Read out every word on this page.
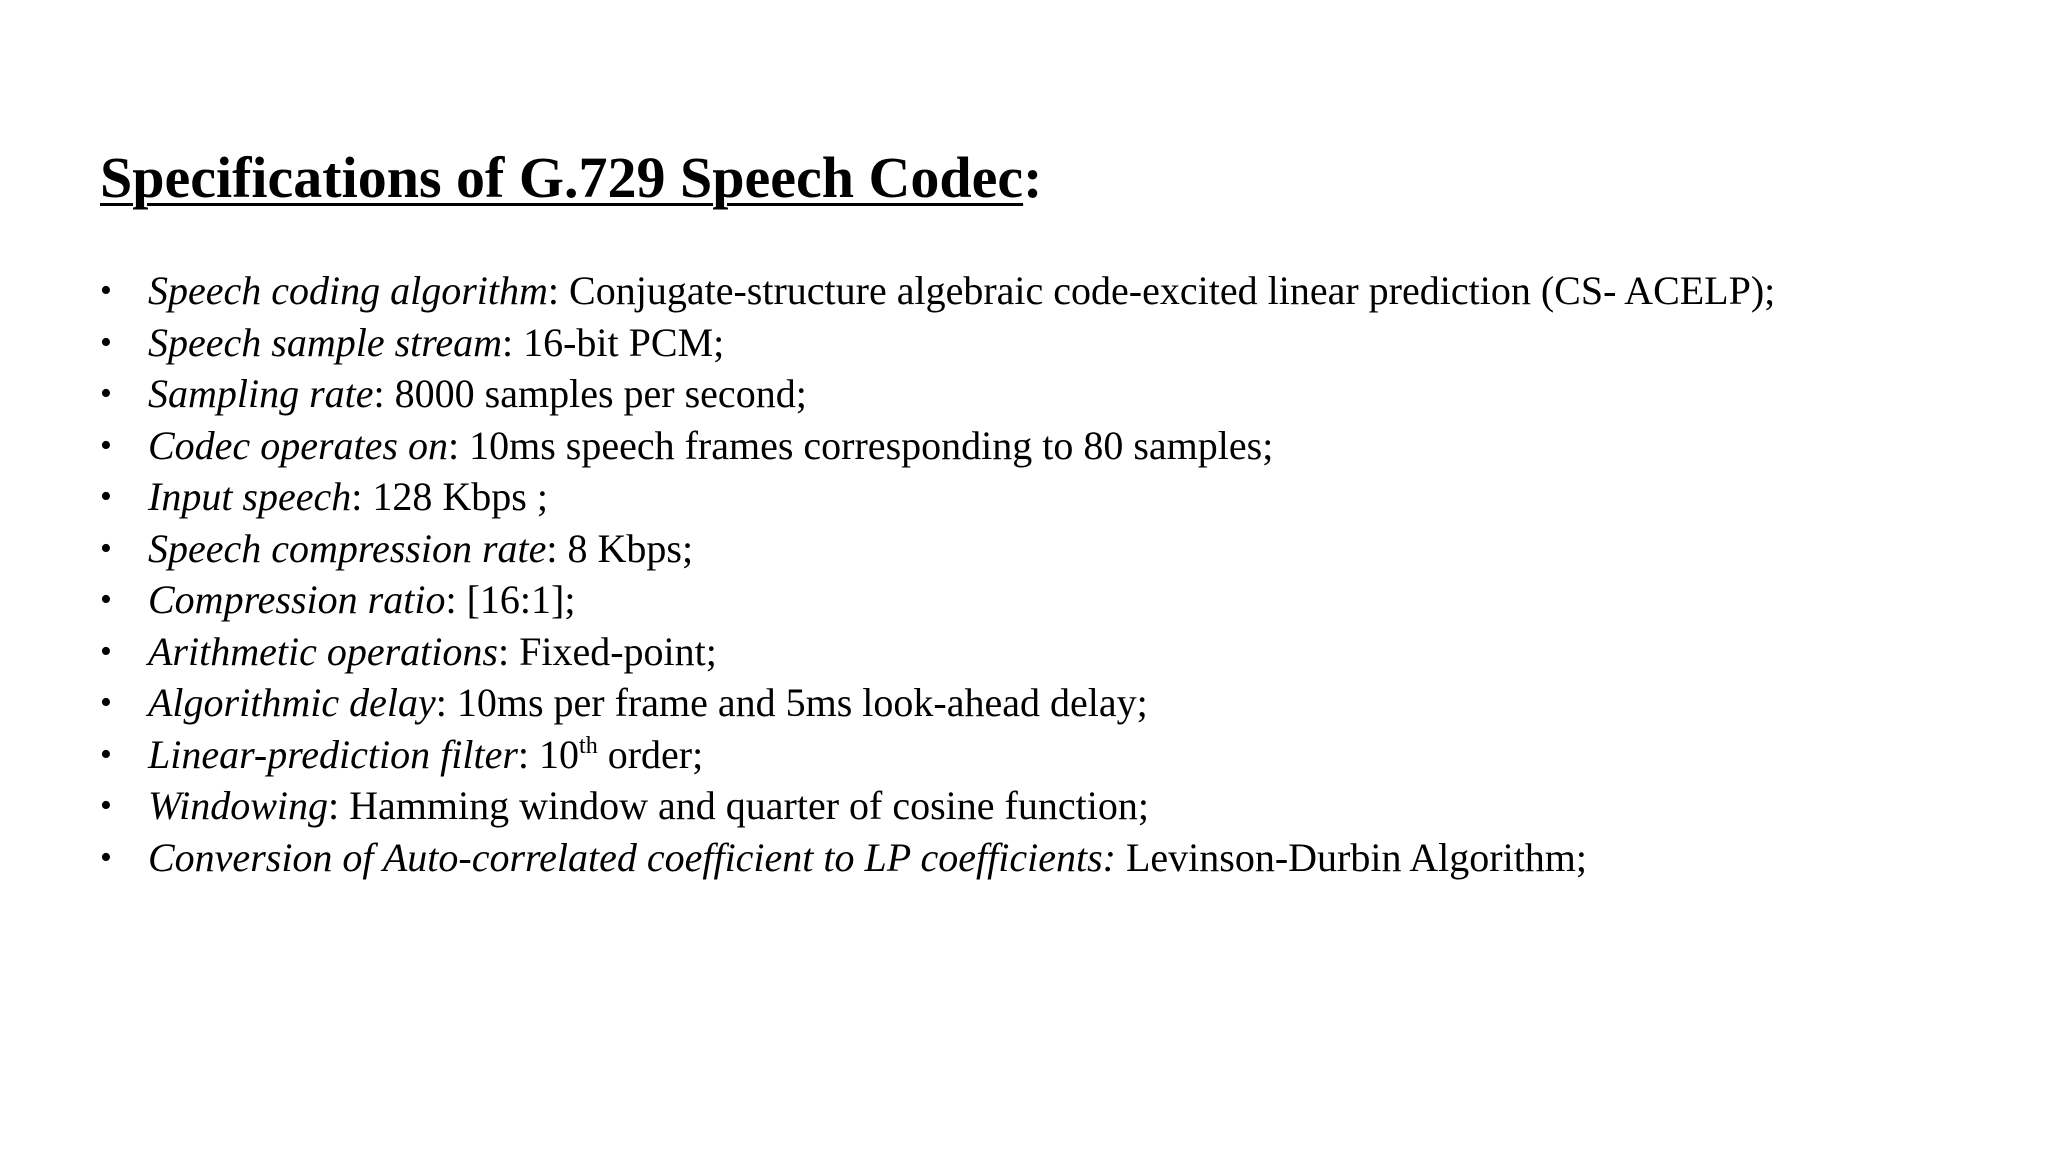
Specifications of G.729 Speech Codec:
• Speech coding algorithm: Conjugate-structure algebraic code-excited linear prediction (CS- ACELP);
• Speech sample stream: 16-bit PCM;
• Sampling rate: 8000 samples per second;
• Codec operates on: 10ms speech frames corresponding to 80 samples;
• Input speech: 128 Kbps ;
• Speech compression rate: 8 Kbps;
• Compression ratio: [16:1];
• Arithmetic operations: Fixed-point;
• Algorithmic delay: 10ms per frame and 5ms look-ahead delay;
• Linear-prediction filter: 10th order;
• Windowing: Hamming window and quarter of cosine function;
• Conversion of Auto-correlated coefficient to LP coefficients: Levinson-Durbin Algorithm;
